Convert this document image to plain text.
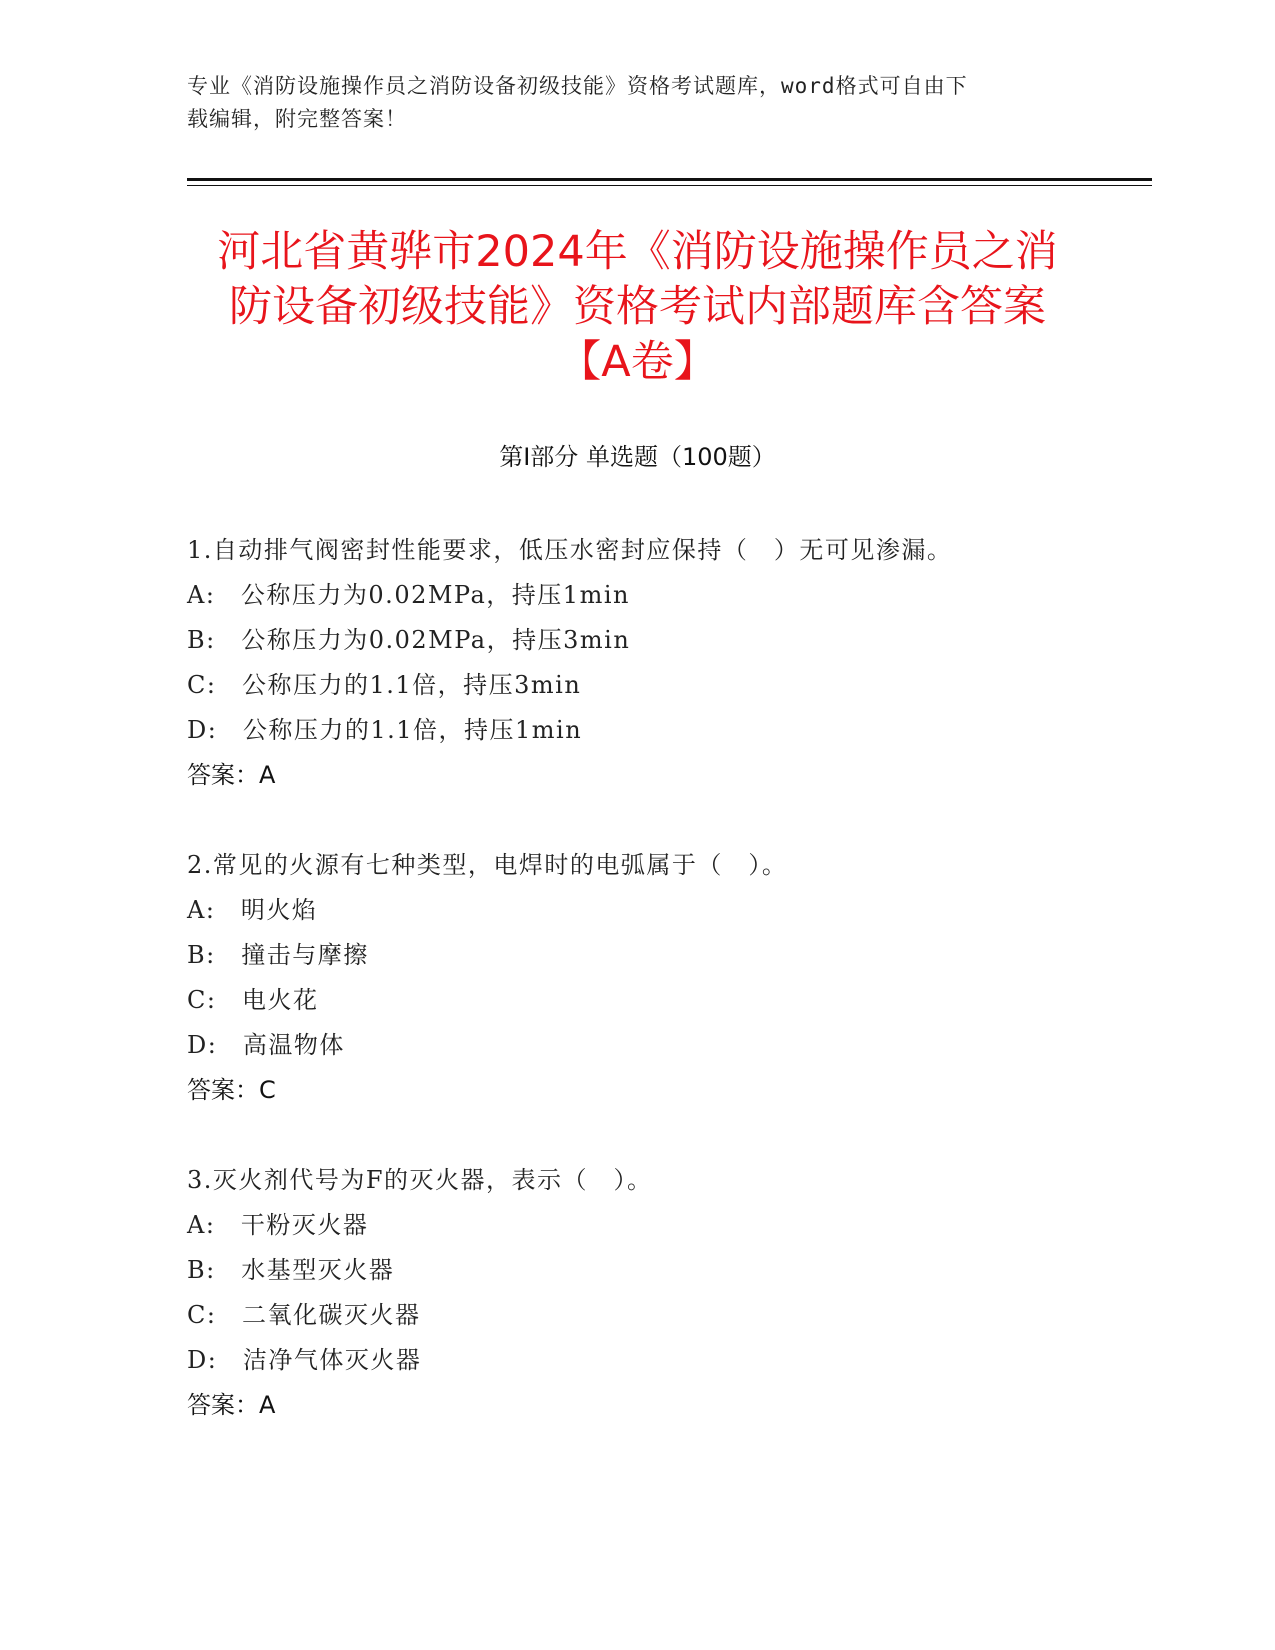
专业《消防设施操作员之消防设备初级技能》资格考试题库，word格式可自由下
载编辑，附完整答案！
河北省黄骅市2024年《消防设施操作员之消
防设备初级技能》资格考试内部题库含答案
【A卷】
第I部分 单选题（100题）
1.自动排气阀密封性能要求，低压水密封应保持（　）无可见渗漏。
A:　公称压力为0.02MPa，持压1min
B:　公称压力为0.02MPa，持压3min
C:　公称压力的1.1倍，持压3min
D:　公称压力的1.1倍，持压1min
答案：A
2.常见的火源有七种类型，电焊时的电弧属于（　）。
A:　明火焰
B:　撞击与摩擦
C:　电火花
D:　高温物体
答案：C
3.灭火剂代号为F的灭火器，表示（　）。
A:　干粉灭火器
B:　水基型灭火器
C:　二氧化碳灭火器
D:　洁净气体灭火器
答案：A
